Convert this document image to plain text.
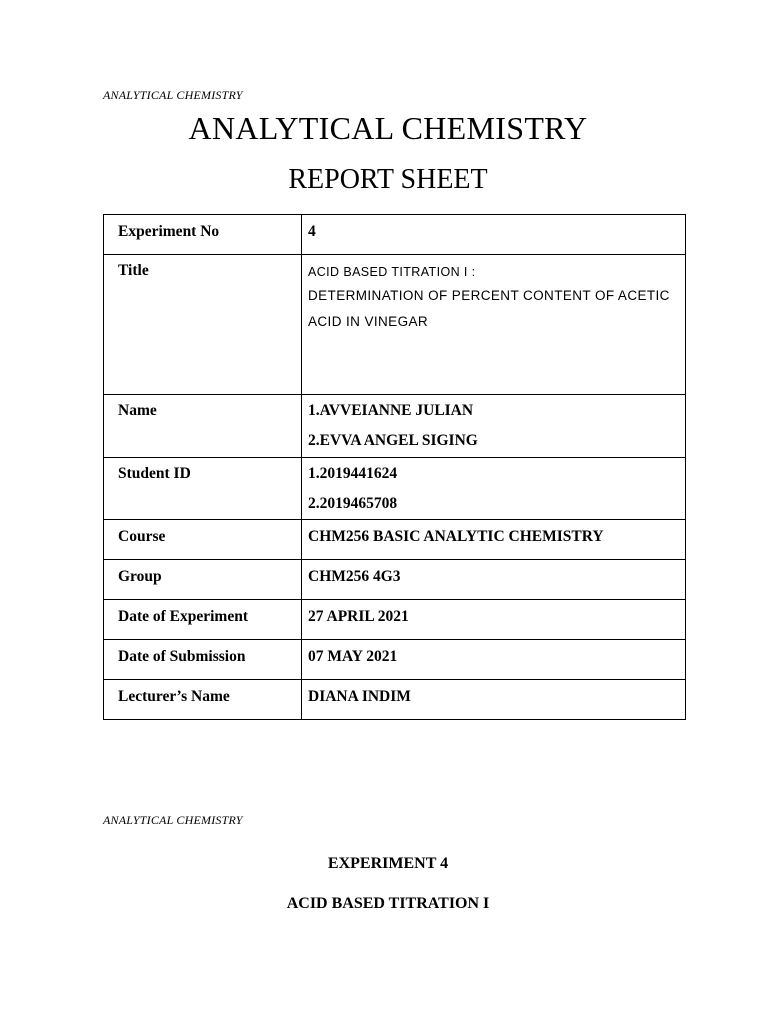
ANALYTICAL CHEMISTRY
ANALYTICAL CHEMISTRY
REPORT SHEET
Experiment No	4
Title	ACID BASED TITRATION I :
DETERMINATION OF PERCENT CONTENT OF ACETIC
ACID IN VINEGAR

Name	1.AVVEIANNE JULIAN
2.EVVA ANGEL SIGING

Student ID	1.2019441624
2.2019465708

Course	CHM256 BASIC ANALYTIC CHEMISTRY
Group	CHM256 4G3
Date of Experiment	27 APRIL 2021
Date of Submission	07 MAY 2021
Lecturer’s Name	DIANA INDIM
ANALYTICAL CHEMISTRY
EXPERIMENT 4
ACID BASED TITRATION I
